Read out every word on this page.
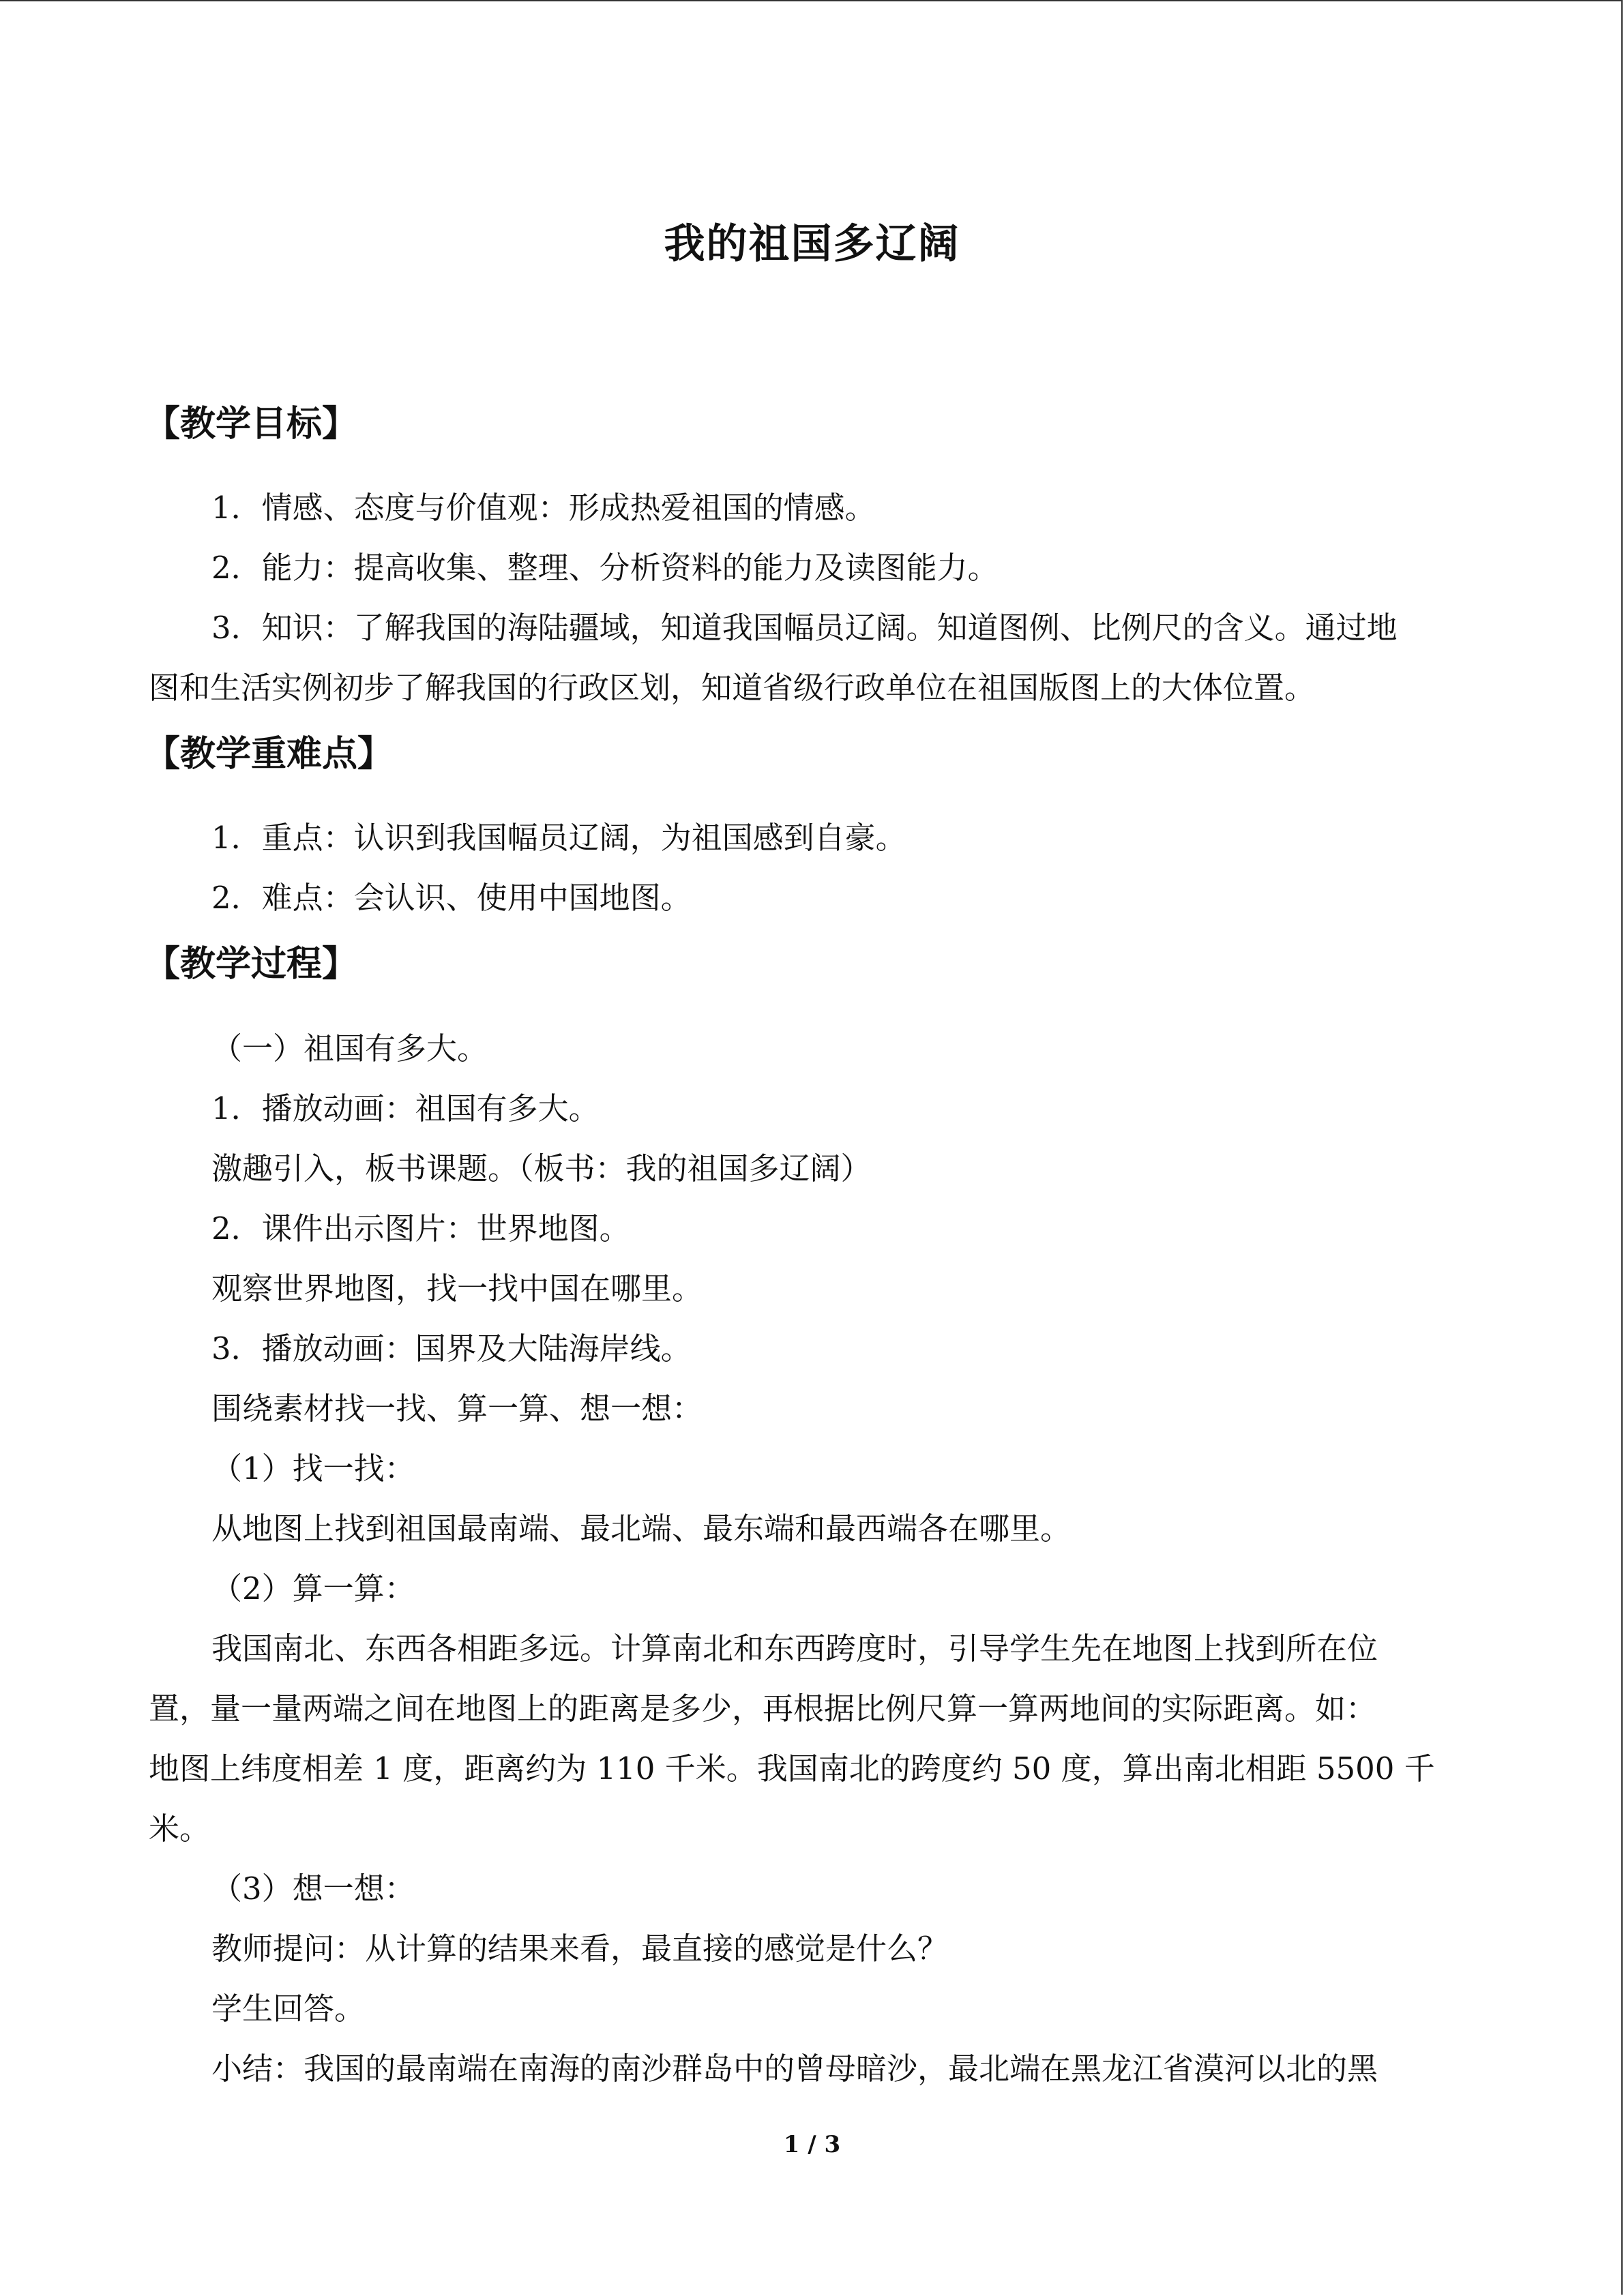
我的祖国多辽阔
【教学目标】
1．情感、态度与价值观：形成热爱祖国的情感。
2．能力：提高收集、整理、分析资料的能力及读图能力。
3．知识：了解我国的海陆疆域，知道我国幅员辽阔。知道图例、比例尺的含义。通过地
图和生活实例初步了解我国的行政区划，知道省级行政单位在祖国版图上的大体位置。
【教学重难点】
1．重点：认识到我国幅员辽阔，为祖国感到自豪。
2．难点：会认识、使用中国地图。
【教学过程】
（一）祖国有多大。
1．播放动画：祖国有多大。
激趣引入，板书课题。（板书：我的祖国多辽阔）
2．课件出示图片：世界地图。
观察世界地图，找一找中国在哪里。
3．播放动画：国界及大陆海岸线。
围绕素材找一找、算一算、想一想：
（1）找一找：
从地图上找到祖国最南端、最北端、最东端和最西端各在哪里。
（2）算一算：
我国南北、东西各相距多远。计算南北和东西跨度时，引导学生先在地图上找到所在位
置，量一量两端之间在地图上的距离是多少，再根据比例尺算一算两地间的实际距离。如：
地图上纬度相差 1 度，距离约为 110 千米。我国南北的跨度约 50 度，算出南北相距 5500 千
米。
（3）想一想：
教师提问：从计算的结果来看，最直接的感觉是什么？
学生回答。
小结：我国的最南端在南海的南沙群岛中的曾母暗沙，最北端在黑龙江省漠河以北的黑
1 / 3
